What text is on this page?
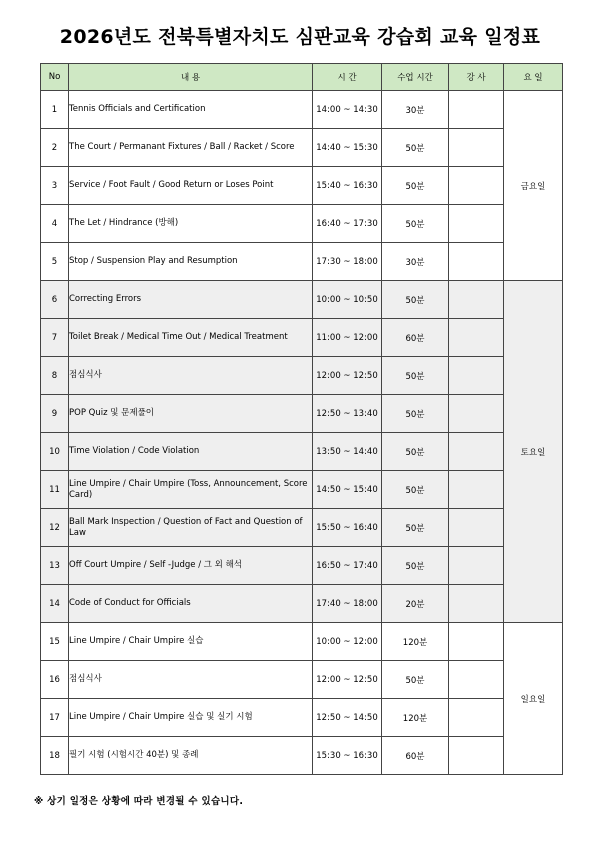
2026년도 전북특별자치도 심판교육 강습회 교육 일정표
No	내 용	시 간	수업 시간	강 사	요 일
1	Tennis Officials and Certification	14:00 ~ 14:30	30분		금요일
2	The Court / Permanant Fixtures / Ball / Racket / Score	14:40 ~ 15:30	50분		
3	Service / Foot Fault / Good Return or Loses Point	15:40 ~ 16:30	50분		
4	The Let / Hindrance (방해)	16:40 ~ 17:30	50분		
5	Stop / Suspension Play and Resumption	17:30 ~ 18:00	30분		
6	Correcting Errors	10:00 ~ 10:50	50분		토요일
7	Toilet Break / Medical Time Out / Medical Treatment	11:00 ~ 12:00	60분		
8	점심식사	12:00 ~ 12:50	50분		
9	POP Quiz 및 문제풀이	12:50 ~ 13:40	50분		
10	Time Violation / Code Violation	13:50 ~ 14:40	50분		
11	Line Umpire / Chair Umpire (Toss, Announcement, Score Card)	14:50 ~ 15:40	50분		
12	Ball Mark Inspection / Question of Fact and Question of Law	15:50 ~ 16:40	50분		
13	Off Court Umpire / Self -Judge / 그 외 해석	16:50 ~ 17:40	50분		
14	Code of Conduct for Officials	17:40 ~ 18:00	20분		
15	Line Umpire / Chair Umpire 실습	10:00 ~ 12:00	120분		일요일
16	점심식사	12:00 ~ 12:50	50분		
17	Line Umpire / Chair Umpire 실습 및 실기 시험	12:50 ~ 14:50	120분		
18	필기 시험 (시험시간 40분) 및 종례	15:30 ~ 16:30	60분		
※ 상기 일정은 상황에 따라 변경될 수 있습니다.
